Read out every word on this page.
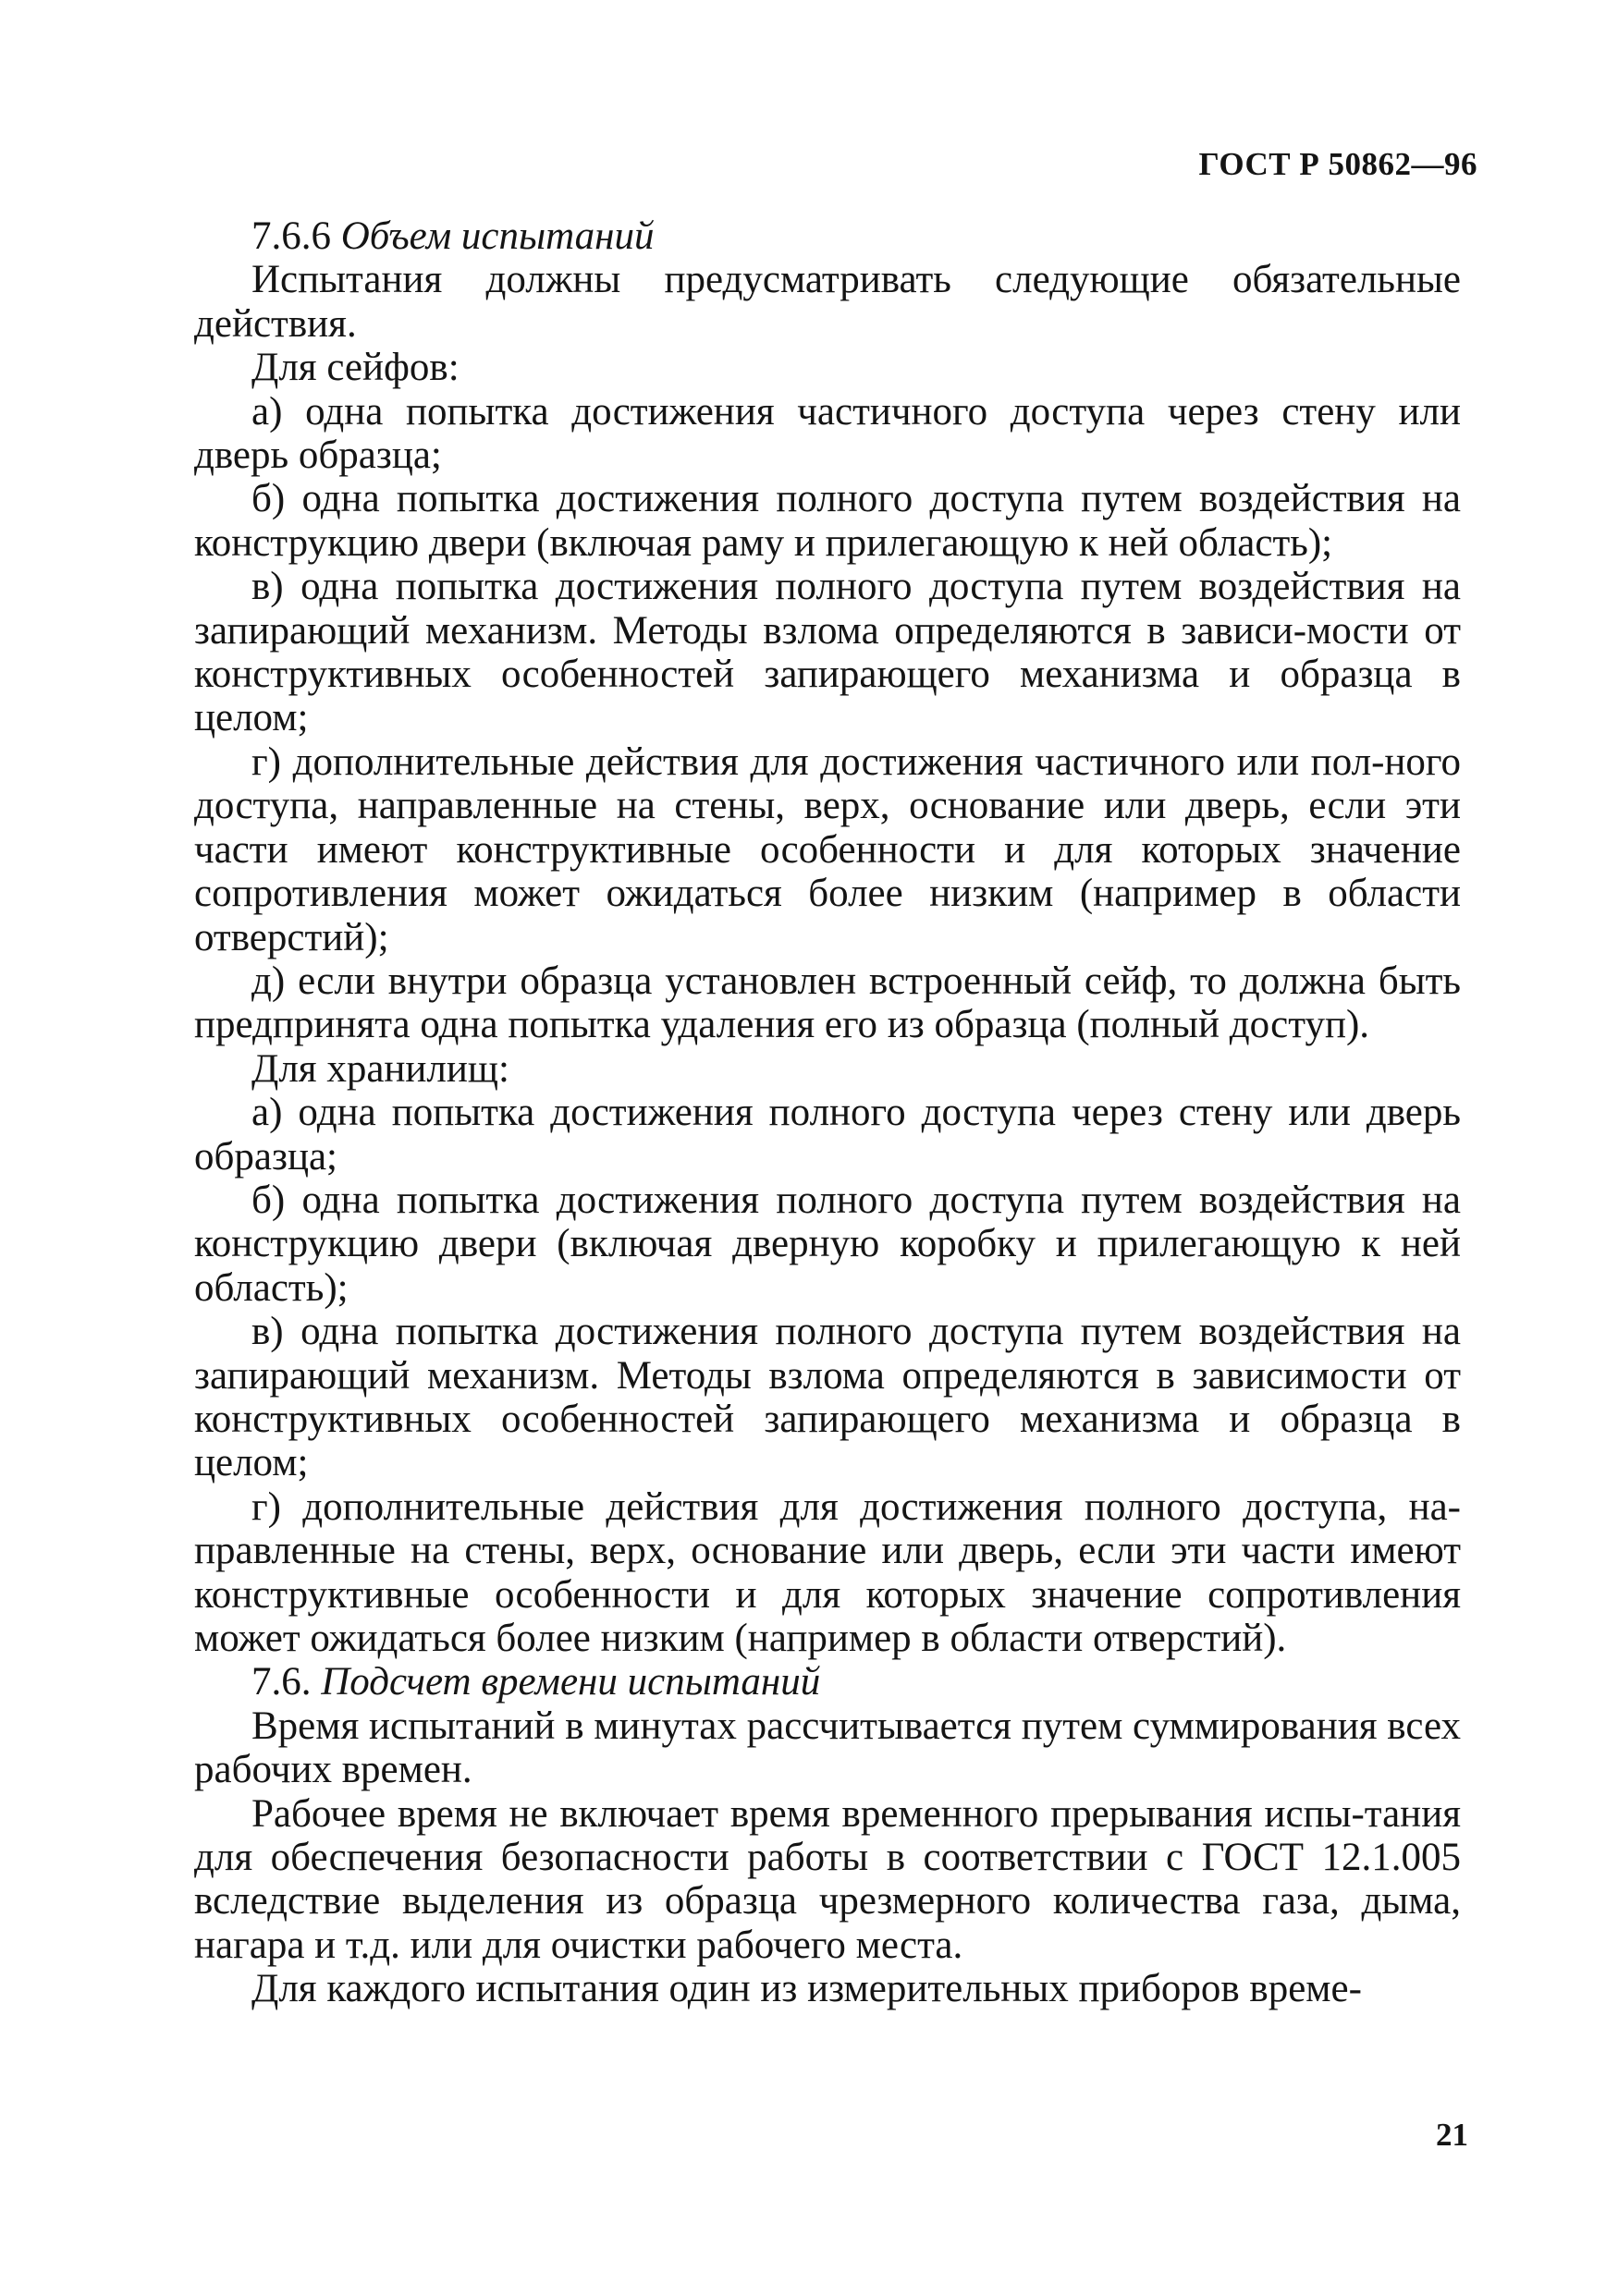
ГОСТ Р 50862—96

7.6.6 Объем испытаний

Испытания должны предусматривать следующие обязательные действия.

Для сейфов:

а) одна попытка достижения частичного доступа через стену или дверь образца;

б) одна попытка достижения полного доступа путем воздействия на конструкцию двери (включая раму и прилегающую к ней область);

в) одна попытка достижения полного доступа путем воздействия на запирающий механизм. Методы взлома определяются в зависи-мости от конструктивных особенностей запирающего механизма и образца в целом;

г) дополнительные действия для достижения частичного или пол-ного доступа, направленные на стены, верх, основание или дверь, если эти части имеют конструктивные особенности и для которых значение сопротивления может ожидаться более низким (например в области отверстий);

д) если внутри образца установлен встроенный сейф, то должна быть предпринята одна попытка удаления его из образца (полный доступ).

Для хранилищ:

а) одна попытка достижения полного доступа через стену или дверь образца;

б) одна попытка достижения полного доступа путем воздействия на конструкцию двери (включая дверную коробку и прилегающую к ней область);

в) одна попытка достижения полного доступа путем воздействия на запирающий механизм. Методы взлома определяются в зависимости от конструктивных особенностей запирающего механизма и образца в целом;

г) дополнительные действия для достижения полного доступа, на-правленные на стены, верх, основание или дверь, если эти части имеют конструктивные особенности и для которых значение сопротивления может ожидаться более низким (например в области отверстий).

7.6. Подсчет времени испытаний

Время испытаний в минутах рассчитывается путем суммирования всех рабочих времен.

Рабочее время не включает время временного прерывания испы-тания для обеспечения безопасности работы в соответствии с ГОСТ 12.1.005 вследствие выделения из образца чрезмерного количества газа, дыма, нагара и т.д. или для очистки рабочего места.

Для каждого испытания один из измерительных приборов време-

21
